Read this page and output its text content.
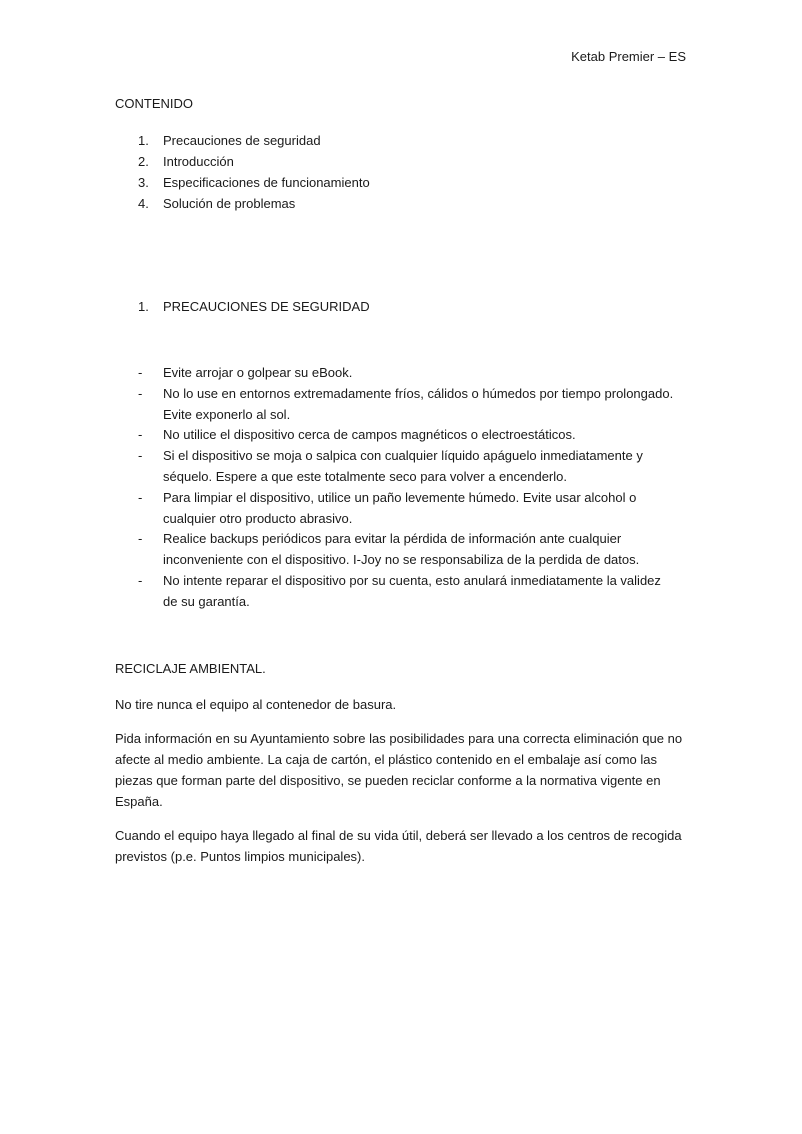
Ketab Premier – ES
CONTENIDO
1.	Precauciones de seguridad
2.	Introducción
3.	Especificaciones de funcionamiento
4.	Solución de problemas
1.	PRECAUCIONES DE SEGURIDAD
- Evite arrojar o golpear su eBook.
- No lo use en entornos extremadamente fríos, cálidos o húmedos por tiempo prolongado. Evite exponerlo al sol.
- No utilice el dispositivo cerca de campos magnéticos o electroestáticos.
- Si el dispositivo se moja o salpica con cualquier líquido apáguelo inmediatamente y séquelo. Espere a que este totalmente seco para volver a encenderlo.
- Para limpiar el dispositivo, utilice un paño levemente húmedo. Evite usar alcohol o cualquier otro producto abrasivo.
- Realice backups periódicos para evitar la pérdida de información ante cualquier inconveniente con el dispositivo. I-Joy no se responsabiliza de la perdida de datos.
- No intente reparar el dispositivo por su cuenta, esto anulará inmediatamente la validez de su garantía.
RECICLAJE AMBIENTAL.

No tire nunca el equipo al contenedor de basura.

Pida información en su Ayuntamiento sobre las posibilidades para una correcta eliminación que no afecte al medio ambiente. La caja de cartón, el plástico contenido en el embalaje así como las piezas que forman parte del dispositivo, se pueden reciclar conforme a la normativa vigente en España.

Cuando el equipo haya llegado al final de su vida útil, deberá ser llevado a los centros de recogida previstos (p.e. Puntos limpios municipales).
